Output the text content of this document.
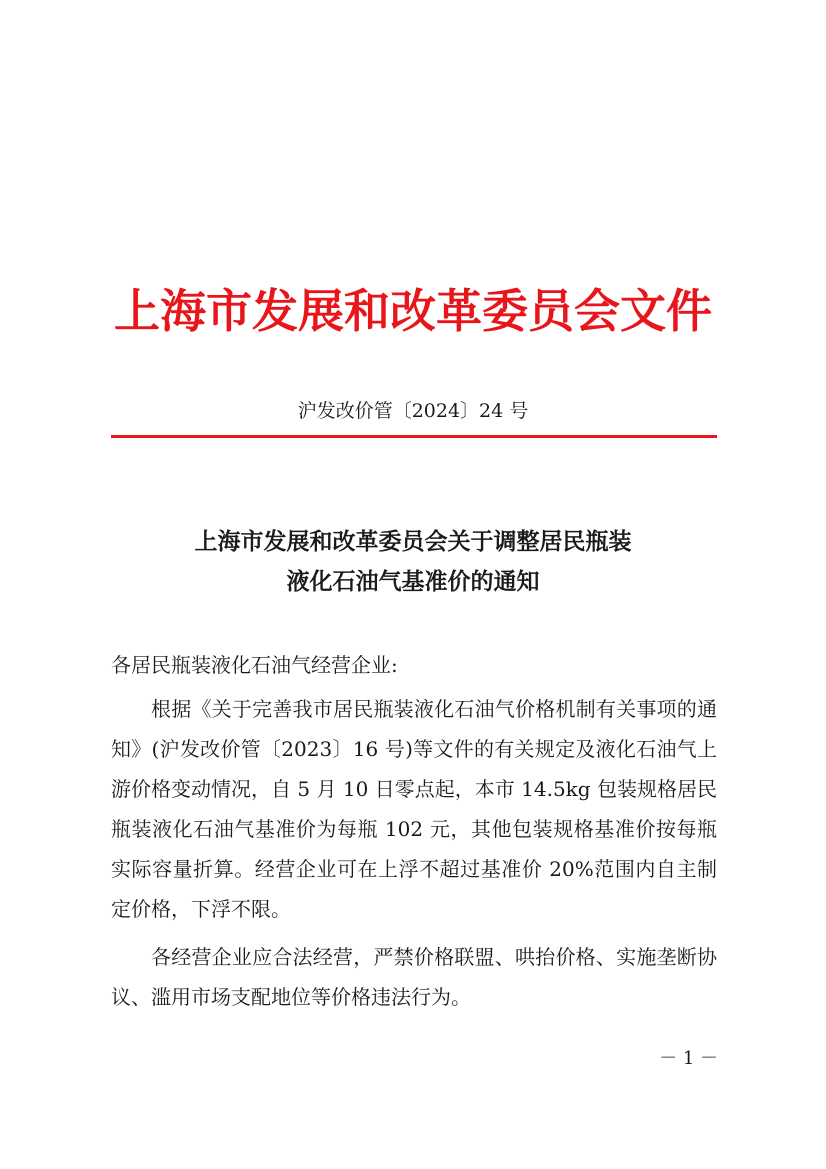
上海市发展和改革委员会文件
沪发改价管〔2024〕24 号
上海市发展和改革委员会关于调整居民瓶装
液化石油气基准价的通知
各居民瓶装液化石油气经营企业:
根据《关于完善我市居民瓶装液化石油气价格机制有关事项的通知》(沪发改价管〔2023〕16 号)等文件的有关规定及液化石油气上游价格变动情况，自 5 月 10 日零点起，本市 14.5kg 包装规格居民瓶装液化石油气基准价为每瓶 102 元，其他包装规格基准价按每瓶实际容量折算。经营企业可在上浮不超过基准价 20%范围内自主制定价格，下浮不限。
各经营企业应合法经营，严禁价格联盟、哄抬价格、实施垄断协议、滥用市场支配地位等价格违法行为。
－ 1 －
